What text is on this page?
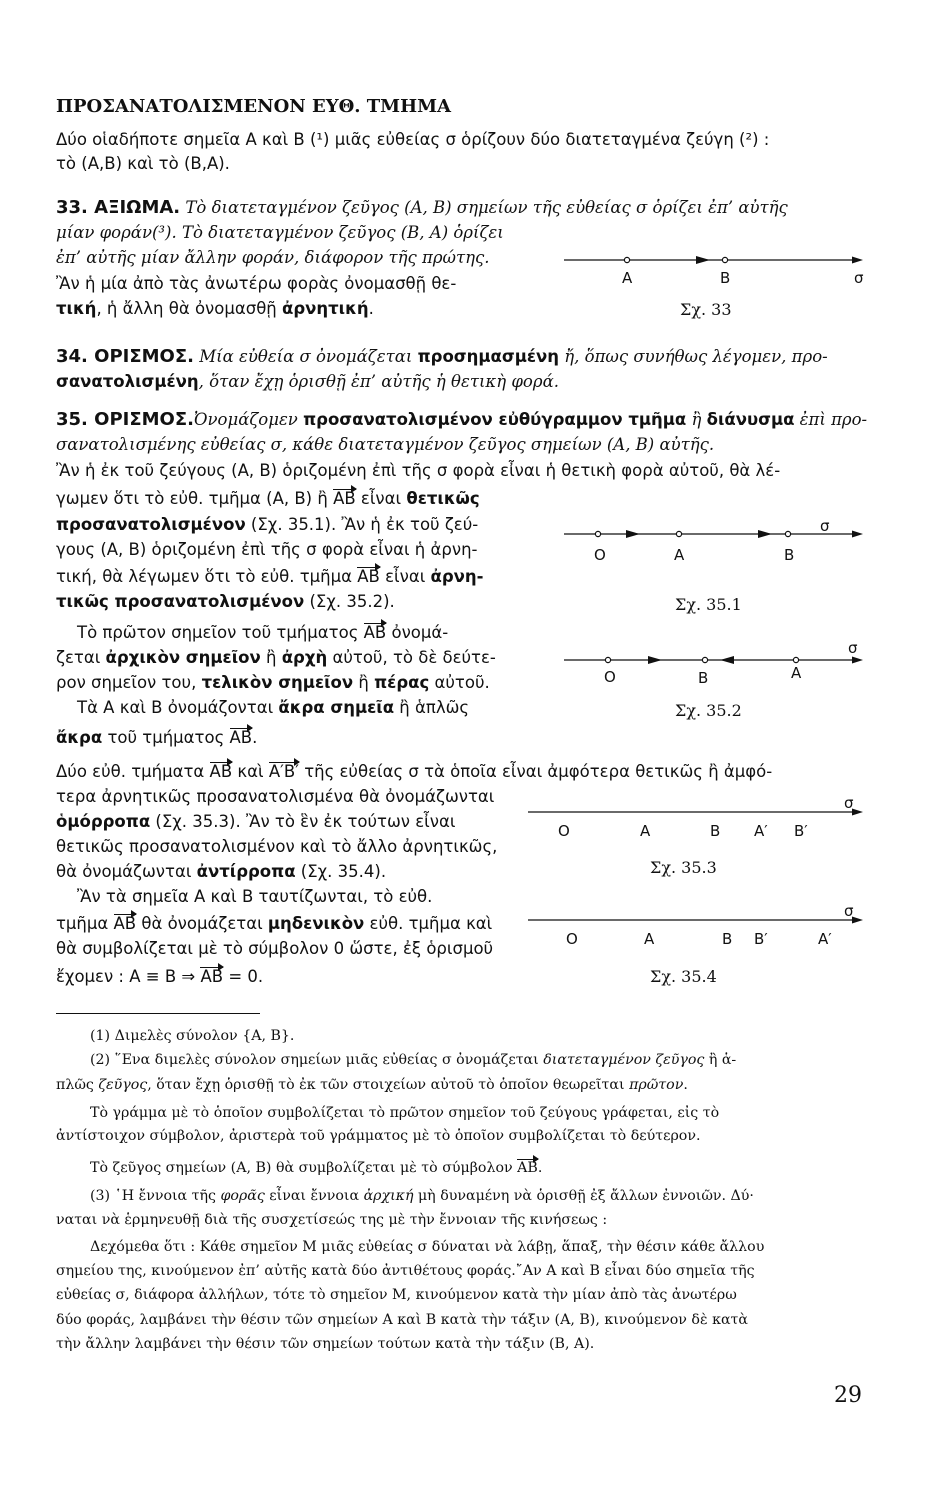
ΠΡΟΣΑΝΑΤΟΛΙΣΜΕΝΟΝ ΕΥΘ. ΤΜΗΜΑ
Δύο οἱαδήποτε σημεῖα Α καὶ Β (¹) μιᾶς εὐθείας σ ὁρίζουν δύο διατεταγμένα ζεύγη (²) :
τὸ (Α,Β) καὶ τὸ (Β,Α).
33. ΑΞΙΩΜΑ. Τὸ διατεταγμένον ζεῦγος (Α, Β) σημείων τῆς εὐθείας σ ὁρίζει ἐπ’ αὐτῆς
μίαν φοράν(³). Τὸ διατεταγμένον ζεῦγος (Β, Α) ὁρίζει
ἐπ’ αὐτῆς μίαν ἄλλην φοράν, διάφορον τῆς πρώτης.
Ἂν ἡ μία ἀπὸ τὰς ἀνωτέρω φορὰς ὀνομασθῇ θε-
τική, ἡ ἄλλη θὰ ὀνομασθῇ ἀρνητική.
Α	Β	σ
Σχ. 33
34. ΟΡΙΣΜΟΣ. Μία εὐθεία σ ὀνομάζεται προσημασμένη ἤ, ὅπως συνήθως λέγομεν, προ-
σανατολισμένη, ὅταν ἔχῃ ὁρισθῇ ἐπ’ αὐτῆς ἡ θετικὴ φορά.
35. ΟΡΙΣΜΟΣ.Ὀνομάζομεν προσανατολισμένον εὐθύγραμμον τμῆμα ἢ διάνυσμα ἐπὶ προ-
σανατολισμένης εὐθείας σ, κάθε διατεταγμένον ζεῦγος σημείων (Α, Β) αὐτῆς.
Ἂν ἡ ἐκ τοῦ ζεύγους (Α, Β) ὁριζομένη ἐπὶ τῆς σ φορὰ εἶναι ἡ θετικὴ φορὰ αὐτοῦ, θὰ λέ-
γωμεν ὅτι τὸ εὐθ. τμῆμα (Α, Β) ἢ ΑΒ εἶναι θετικῶς
προσανατολισμένον (Σχ. 35.1). Ἂν ἡ ἐκ τοῦ ζεύ-
γους (Α, Β) ὁριζομένη ἐπὶ τῆς σ φορὰ εἶναι ἡ ἀρνη-
τική, θὰ λέγωμεν ὅτι τὸ εὐθ. τμῆμα ΑΒ εἶναι ἀρνη-
τικῶς προσανατολισμένον (Σχ. 35.2).
Τὸ πρῶτον σημεῖον τοῦ τμήματος ΑΒ ὀνομά-
ζεται ἀρχικὸν σημεῖον ἢ ἀρχὴ αὐτοῦ, τὸ δὲ δεύτε-
ρον σημεῖον του, τελικὸν σημεῖον ἢ πέρας αὐτοῦ.
Τὰ Α καὶ Β ὀνομάζονται ἄκρα σημεῖα ἢ ἁπλῶς
ἄκρα τοῦ τμήματος ΑΒ.
Δύο εὐθ. τμήματα ΑΒ καὶ Α′Β′ τῆς εὐθείας σ τὰ ὁποῖα εἶναι ἀμφότερα θετικῶς ἢ ἀμφό-
τερα ἀρνητικῶς προσανατολισμένα θὰ ὀνομάζωνται
ὁμόρροπα (Σχ. 35.3). Ἂν τὸ ἓν ἐκ τούτων εἶναι
θετικῶς προσανατολισμένον καὶ τὸ ἄλλο ἀρνητικῶς,
θὰ ὀνομάζωνται ἀντίρροπα (Σχ. 35.4).
Ἂν τὰ σημεῖα Α καὶ Β ταυτίζωνται, τὸ εὐθ.
τμῆμα ΑΒ θὰ ὀνομάζεται μηδενικὸν εὐθ. τμῆμα καὶ
θὰ συμβολίζεται μὲ τὸ σύμβολον 0 ὥστε, ἐξ ὁρισμοῦ
ἔχομεν : Α ≡ Β ⇒ ΑΒ = 0.
σ
Ο	Α	Β
Σχ. 35.1
σ
Ο	Β	Α
Σχ. 35.2
σ
Ο	Α	Β Α′ Β′
Σχ. 35.3
σ
Ο	Α	Β Β′	Α′
Σχ. 35.4
(1) Διμελὲς σύνολον {Α, Β}.
(2) ῞Ενα διμελὲς σύνολον σημείων μιᾶς εὐθείας σ ὀνομάζεται διατεταγμένον ζεῦγος ἢ ἁ-
πλῶς ζεῦγος, ὅταν ἔχῃ ὁρισθῇ τὸ ἐκ τῶν στοιχείων αὐτοῦ τὸ ὁποῖον θεωρεῖται πρῶτον.
Τὸ γράμμα μὲ τὸ ὁποῖον συμβολίζεται τὸ πρῶτον σημεῖον τοῦ ζεύγους γράφεται, εἰς τὸ
ἀντίστοιχον σύμβολον, ἀριστερὰ τοῦ γράμματος μὲ τὸ ὁποῖον συμβολίζεται τὸ δεύτερον.
Τὸ ζεῦγος σημείων (Α, Β) θὰ συμβολίζεται μὲ τὸ σύμβολον ΑΒ.
(3) ῾Η ἔννοια τῆς φορᾶς εἶναι ἔννοια ἀρχική μὴ δυναμένη νὰ ὁρισθῇ ἐξ ἄλλων ἐννοιῶν. Δύ·
ναται νὰ ἑρμηνευθῇ διὰ τῆς συσχετίσεώς της μὲ τὴν ἔννοιαν τῆς κινήσεως :
Δεχόμεθα ὅτι : Κάθε σημεῖον Μ μιᾶς εὐθείας σ δύναται νὰ λάβῃ, ἅπαξ, τὴν θέσιν κάθε ἄλλου
σημείου της, κινούμενον ἐπ’ αὐτῆς κατὰ δύο ἀντιθέτους φοράς.῎Αν Α καὶ Β εἶναι δύο σημεῖα τῆς
εὐθείας σ, διάφορα ἀλλήλων, τότε τὸ σημεῖον Μ, κινούμενον κατὰ τὴν μίαν ἀπὸ τὰς ἀνωτέρω
δύο φοράς, λαμβάνει τὴν θέσιν τῶν σημείων Α καὶ Β κατὰ τὴν τάξιν (Α, Β), κινούμενον δὲ κατὰ
τὴν ἄλλην λαμβάνει τὴν θέσιν τῶν σημείων τούτων κατὰ τὴν τάξιν (Β, Α).
29
